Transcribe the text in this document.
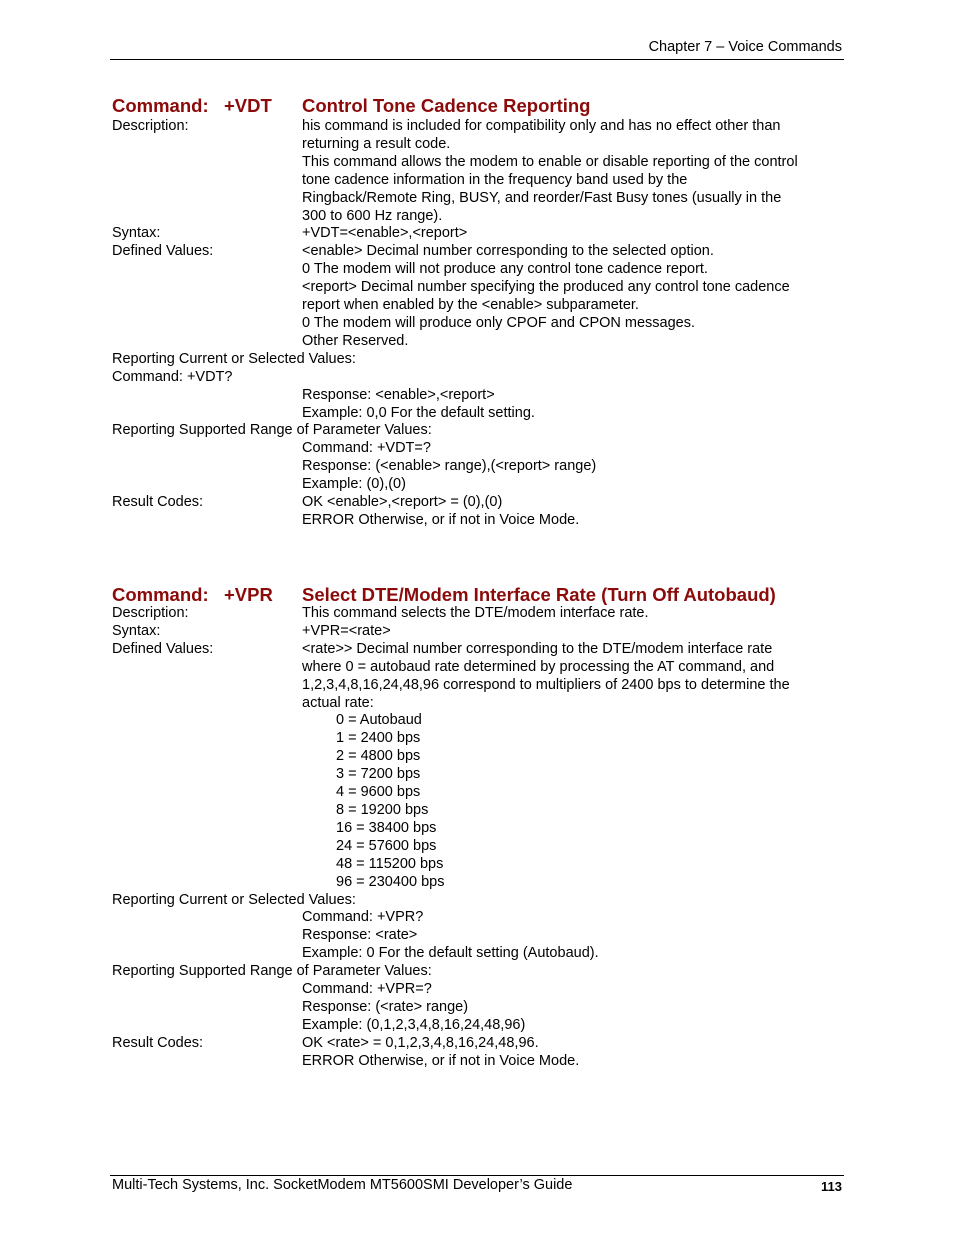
Chapter 7 – Voice Commands
Command: +VDT Control Tone Cadence Reporting
Description:	his command is included for compatibility only and has no effect other than
returning a result code.
This command allows the modem to enable or disable reporting of the control
tone cadence information in the frequency band used by the
Ringback/Remote Ring, BUSY, and reorder/Fast Busy tones (usually in the
300 to 600 Hz range).
Syntax:	+VDT=<enable>,<report>
Defined Values:	<enable> Decimal number corresponding to the selected option.
0 The modem will not produce any control tone cadence report.
<report> Decimal number specifying the produced any control tone cadence
report when enabled by the <enable> subparameter.
0 The modem will produce only CPOF and CPON messages.
Other Reserved.
Reporting Current or Selected Values:
Command: +VDT?
Response: <enable>,<report>
Example: 0,0 For the default setting.
Reporting Supported Range of Parameter Values:
Command: +VDT=?
Response: (<enable> range),(<report> range)
Example: (0),(0)
Result Codes:	OK <enable>,<report> = (0),(0)
ERROR Otherwise, or if not in Voice Mode.
Command: +VPR Select DTE/Modem Interface Rate (Turn Off Autobaud)
Description:	This command selects the DTE/modem interface rate.
Syntax:	+VPR=<rate>
Defined Values:	<rate>> Decimal number corresponding to the DTE/modem interface rate
where 0 = autobaud rate determined by processing the AT command, and
1,2,3,4,8,16,24,48,96 correspond to multipliers of 2400 bps to determine the
actual rate:
0 = Autobaud
1 = 2400 bps
2 = 4800 bps
3 = 7200 bps
4 = 9600 bps
8 = 19200 bps
16 = 38400 bps
24 = 57600 bps
48 = 115200 bps
96 = 230400 bps
Reporting Current or Selected Values:
Command: +VPR?
Response: <rate>
Example: 0 For the default setting (Autobaud).
Reporting Supported Range of Parameter Values:
Command: +VPR=?
Response: (<rate> range)
Example: (0,1,2,3,4,8,16,24,48,96)
Result Codes:	OK <rate> = 0,1,2,3,4,8,16,24,48,96.
ERROR Otherwise, or if not in Voice Mode.
Multi-Tech Systems, Inc. SocketModem MT5600SMI Developer’s Guide	113
